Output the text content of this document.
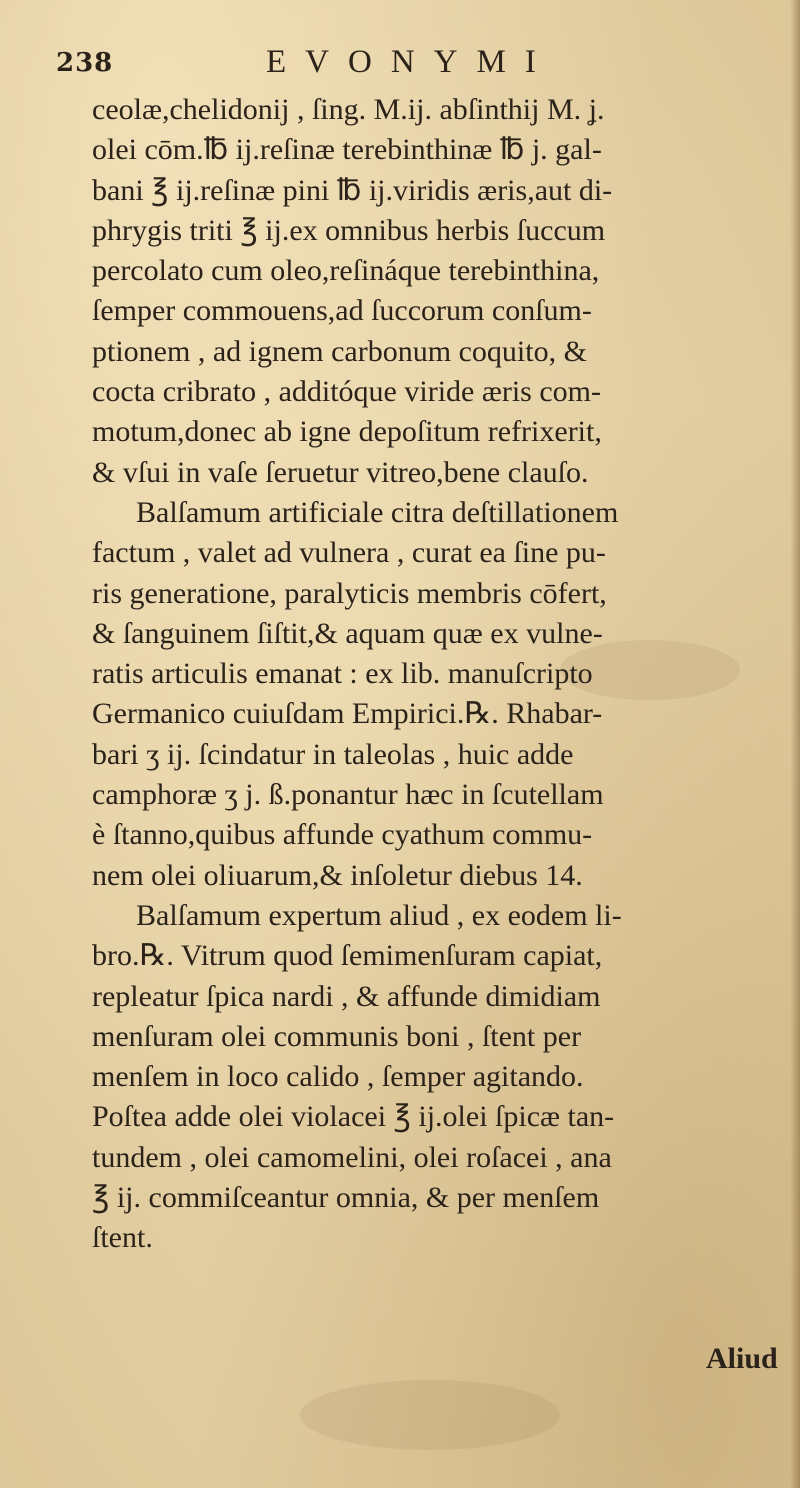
238	EVONYMI
ceolæ,chelidonij , ſing. M.ij. abſinthij M. ʝ.
olei cōm.℔ ij.reſinæ terebinthinæ ℔ j. gal-
bani ℥ ij.reſinæ pini ℔ ij.viridis æris,aut di-
phrygis triti ℥ ij.ex omnibus herbis ſuccum
percolato cum oleo,reſináque terebinthina,
ſemper commouens,ad ſuccorum conſum-
ptionem , ad ignem carbonum coquito, &
cocta cribrato , additóque viride æris com-
motum,donec ab igne depoſitum refrixerit,
& vſui in vaſe ſeruetur vitreo,bene clauſo.
Balſamum artificiale citra deſtillationem
factum , valet ad vulnera , curat ea ſine pu-
ris generatione, paralyticis membris cōfert,
& ſanguinem ſiſtit,& aquam quæ ex vulne-
ratis articulis emanat : ex lib. manuſcripto
Germanico cuiuſdam Empirici.℞. Rhabar-
bari ʒ ij. ſcindatur in taleolas , huic adde
camphoræ ʒ j. ß.ponantur hæc in ſcutellam
è ſtanno,quibus affunde cyathum commu-
nem olei oliuarum,& inſoletur diebus 14.
Balſamum expertum aliud , ex eodem li-
bro.℞. Vitrum quod ſemimenſuram capiat,
repleatur ſpica nardi , & affunde dimidiam
menſuram olei communis boni , ſtent per
menſem in loco calido , ſemper agitando.
Poſtea adde olei violacei ℥ ij.olei ſpicæ tan-
tundem , olei camomelini, olei roſacei , ana
℥ ij. commiſceantur omnia, & per menſem
ſtent.
Aliud
